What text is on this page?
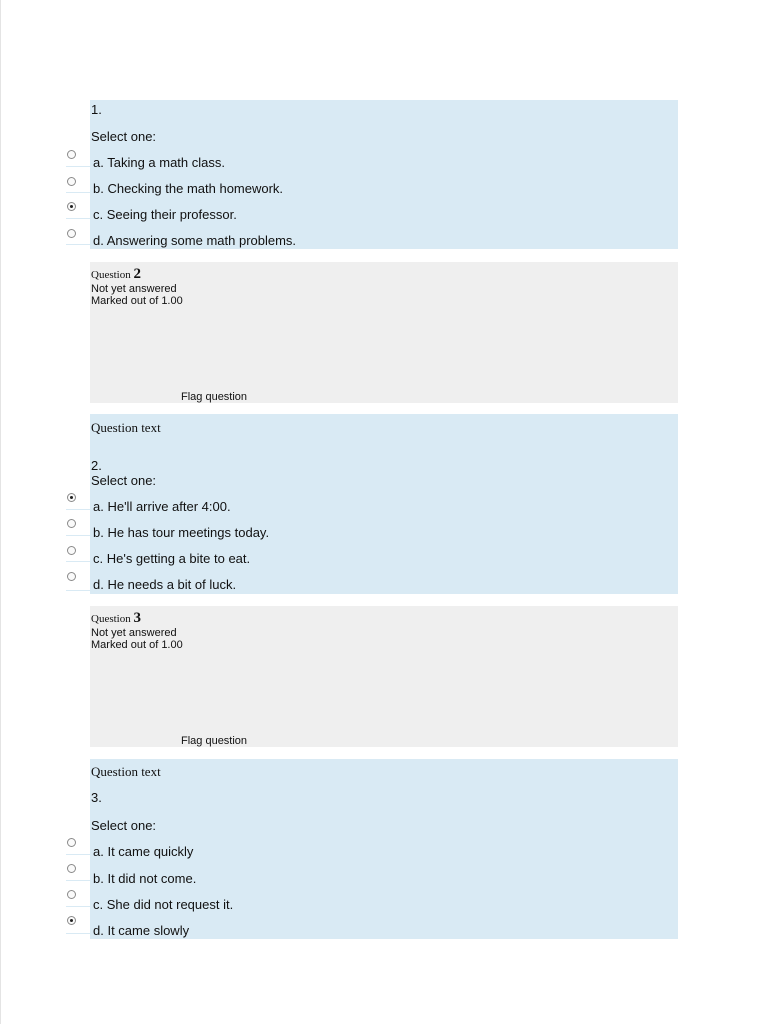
1.
Select one:
a. Taking a math class.
b. Checking the math homework.
c. Seeing their professor.
d. Answering some math problems.
Question 2
Not yet answered
Marked out of 1.00
Flag question
Question text
2.
Select one:
a. He'll arrive after 4:00.
b. He has tour meetings today.
c. He's getting a bite to eat.
d. He needs a bit of luck.
Question 3
Not yet answered
Marked out of 1.00
Flag question
Question text
3.
Select one:
a. It came quickly
b. It did not come.
c. She did not request it.
d. It came slowly
